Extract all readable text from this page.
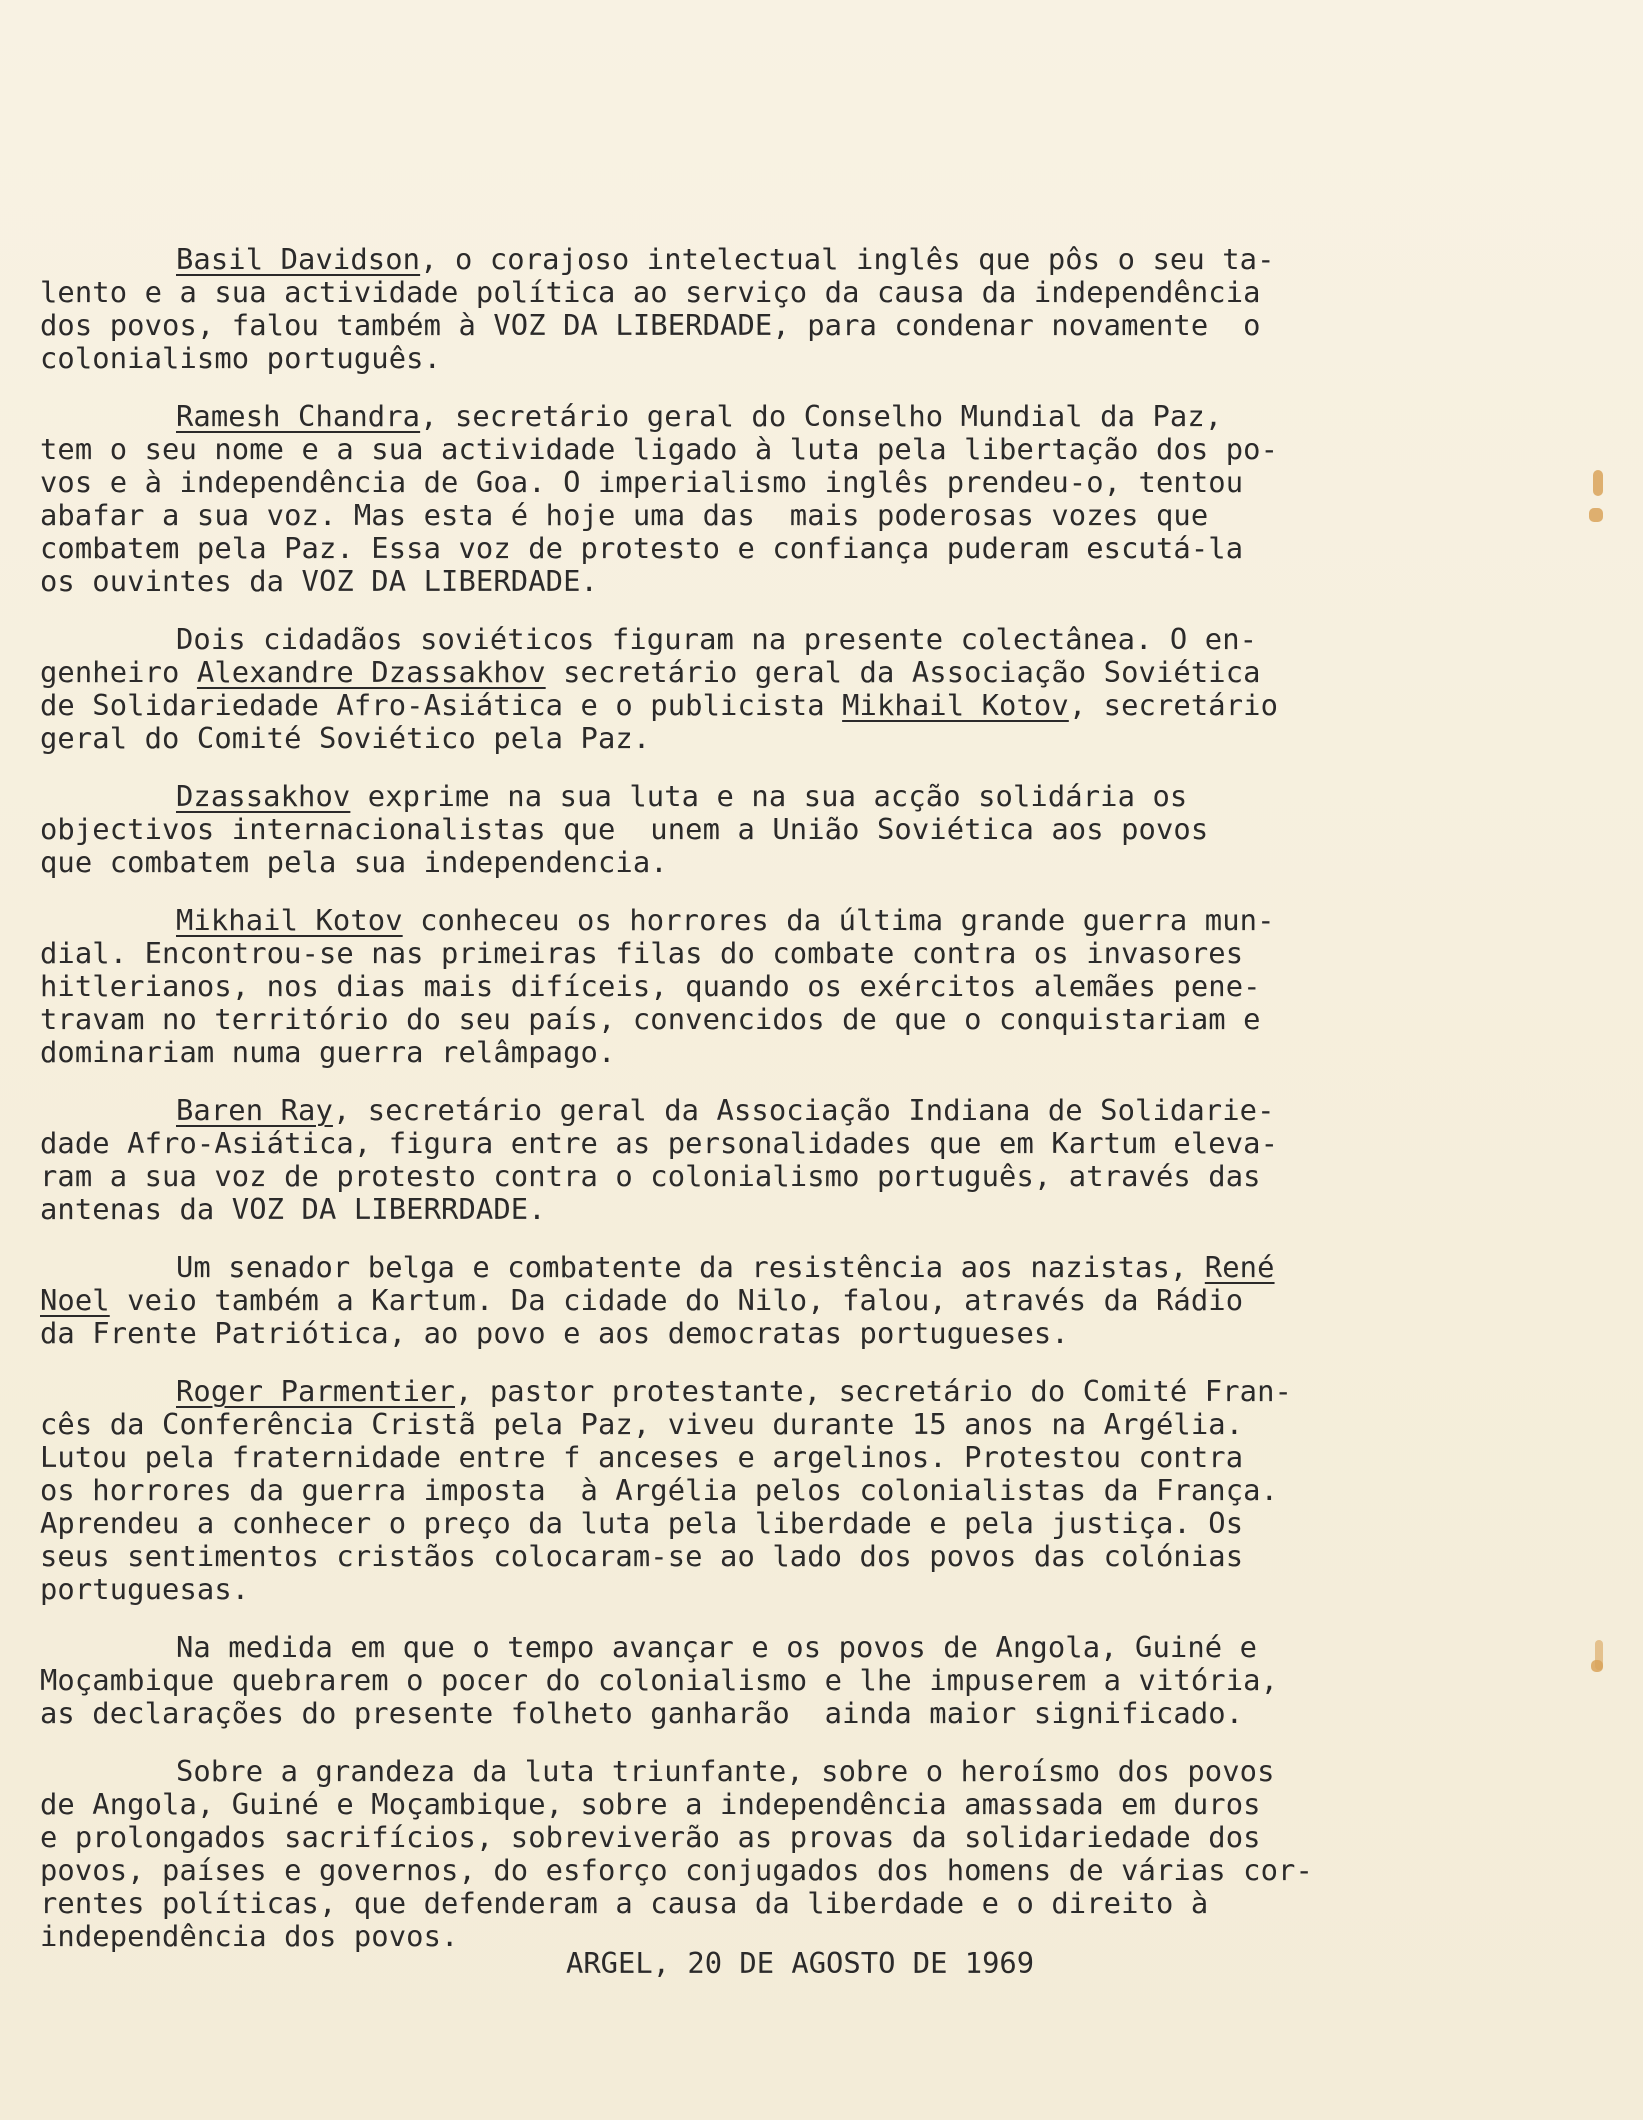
Basil Davidson, o corajoso intelectual inglês que pôs o seu ta-
lento e a sua actividade política ao serviço da causa da independência
dos povos, falou também à VOZ DA LIBERDADE, para condenar novamente  o
colonialismo português.
Ramesh Chandra, secretário geral do Conselho Mundial da Paz,
tem o seu nome e a sua actividade ligado à luta pela libertação dos po-
vos e à independência de Goa. O imperialismo inglês prendeu-o, tentou
abafar a sua voz. Mas esta é hoje uma das  mais poderosas vozes que
combatem pela Paz. Essa voz de protesto e confiança puderam escutá-la
os ouvintes da VOZ DA LIBERDADE.
Dois cidadãos soviéticos figuram na presente colectânea. O en-
genheiro Alexandre Dzassakhov secretário geral da Associação Soviética
de Solidariedade Afro-Asiática e o publicista Mikhail Kotov, secretário
geral do Comité Soviético pela Paz.
Dzassakhov exprime na sua luta e na sua acção solidária os
objectivos internacionalistas que  unem a União Soviética aos povos
que combatem pela sua independencia.
Mikhail Kotov conheceu os horrores da última grande guerra mun-
dial. Encontrou-se nas primeiras filas do combate contra os invasores
hitlerianos, nos dias mais difíceis, quando os exércitos alemães pene-
travam no território do seu país, convencidos de que o conquistariam e
dominariam numa guerra relâmpago.
Baren Ray, secretário geral da Associação Indiana de Solidarie-
dade Afro-Asiática, figura entre as personalidades que em Kartum eleva-
ram a sua voz de protesto contra o colonialismo português, através das
antenas da VOZ DA LIBERRDADE.
Um senador belga e combatente da resistência aos nazistas, René
Noel veio também a Kartum. Da cidade do Nilo, falou, através da Rádio
da Frente Patriótica, ao povo e aos democratas portugueses.
Roger Parmentier, pastor protestante, secretário do Comité Fran-
cês da Conferência Cristã pela Paz, viveu durante 15 anos na Argélia.
Lutou pela fraternidade entre f anceses e argelinos. Protestou contra
os horrores da guerra imposta  à Argélia pelos colonialistas da França.
Aprendeu a conhecer o preço da luta pela liberdade e pela justiça. Os
seus sentimentos cristãos colocaram-se ao lado dos povos das colónias
portuguesas.
Na medida em que o tempo avançar e os povos de Angola, Guiné e
Moçambique quebrarem o pocer do colonialismo e lhe impuserem a vitória,
as declarações do presente folheto ganharão  ainda maior significado.
Sobre a grandeza da luta triunfante, sobre o heroísmo dos povos
de Angola, Guiné e Moçambique, sobre a independência amassada em duros
e prolongados sacrifícios, sobreviverão as provas da solidariedade dos
povos, países e governos, do esforço conjugados dos homens de várias cor-
rentes políticas, que defenderam a causa da liberdade e o direito à
independência dos povos.
ARGEL, 20 DE AGOSTO DE 1969
